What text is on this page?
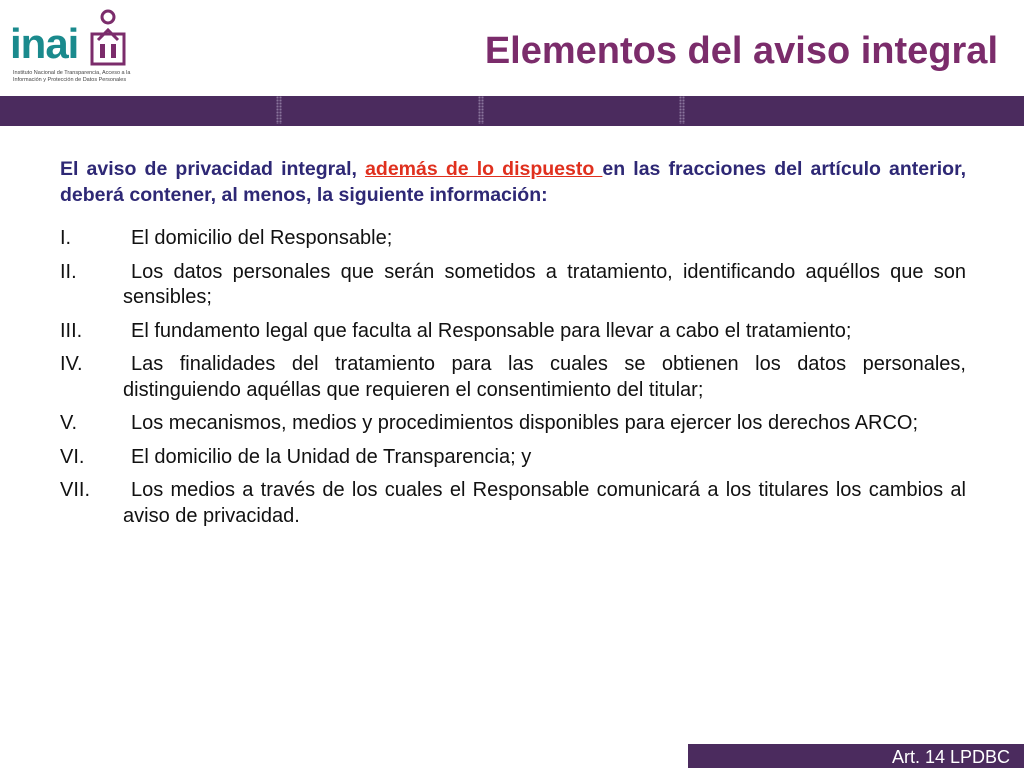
inai
Instituto Nacional de Transparencia, Acceso a la Información y Protección de Datos Personales
Elementos del aviso integral
El aviso de privacidad integral, además de lo dispuesto en las fracciones del artículo anterior, deberá contener, al menos, la siguiente información:
I.	El domicilio del Responsable;
II.	Los datos personales que serán sometidos a tratamiento, identificando aquéllos que son sensibles;
III.	El fundamento legal que faculta al Responsable para llevar a cabo el tratamiento;
IV.	Las finalidades del tratamiento para las cuales se obtienen los datos personales, distinguiendo aquéllas que requieren el consentimiento del titular;
V.	Los mecanismos, medios y procedimientos disponibles para ejercer los derechos ARCO;
VI.	El domicilio de la Unidad de Transparencia; y
VII.	Los medios a través de los cuales el Responsable comunicará a los titulares los cambios al aviso de privacidad.
Art. 14 LPDBC
